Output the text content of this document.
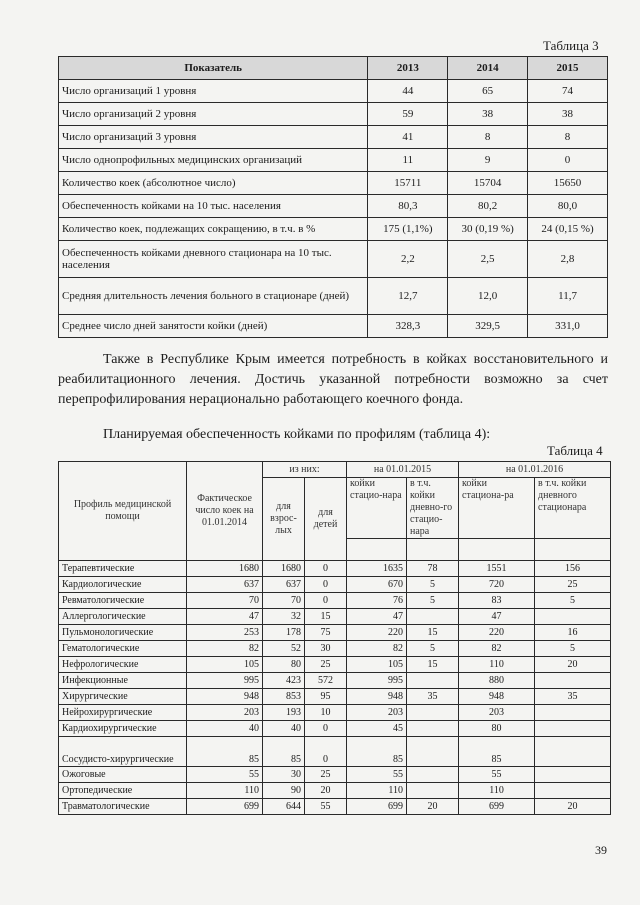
Таблица 3
Показатель	2013	2014	2015
Число организаций 1 уровня	44	65	74
Число организаций 2 уровня	59	38	38
Число организаций 3 уровня	41	8	8
Число однопрофильных медицинских организаций	11	9	0
Количество коек (абсолютное число)	15711	15704	15650
Обеспеченность койками на 10 тыс. населения	80,3	80,2	80,0
Количество коек, подлежащих сокращению, в т.ч. в %	175 (1,1%)	30 (0,19 %)	24 (0,15 %)
Обеспеченность койками дневного стационара на 10 тыс. населения	2,2	2,5	2,8
Средняя длительность лечения больного в стационаре (дней)	12,7	12,0	11,7
Среднее число дней занятости койки (дней)	328,3	329,5	331,0
Также в Республике Крым имеется потребность в койках восстановительного и реабилитационного лечения. Достичь указанной потребности возможно за счет перепрофилирования нерационально работающего коечного фонда.
Планируемая обеспеченность койками по профилям (таблица 4):
Таблица 4
Профиль медицинской помощи	Фактическое число коек на 01.01.2014	из них:		на 01.01.2015		на 01.01.2016	
		для взрос-лых	для детей	койки стацио-нара	в т.ч. койки дневно-го стацио-нара	койки стациона-ра	в т.ч. койки дневного стационара

Терапевтические	1680	1680	0	1635	78	1551	156
Кардиологические	637	637	0	670	5	720	25
Ревматологические	70	70	0	76	5	83	5
Аллергологические	47	32	15	47		47	
Пульмонологические	253	178	75	220	15	220	16
Гематологические	82	52	30	82	5	82	5
Нефрологические	105	80	25	105	15	110	20
Инфекционные	995	423	572	995		880	
Хирургические	948	853	95	948	35	948	35
Нейрохирургические	203	193	10	203		203	
Кардиохирургические	40	40	0	45		80	
Сосудисто-хирургические	85	85	0	85		85	
Ожоговые	55	30	25	55		55	
Ортопедические	110	90	20	110		110	
Травматологические	699	644	55	699	20	699	20
39
